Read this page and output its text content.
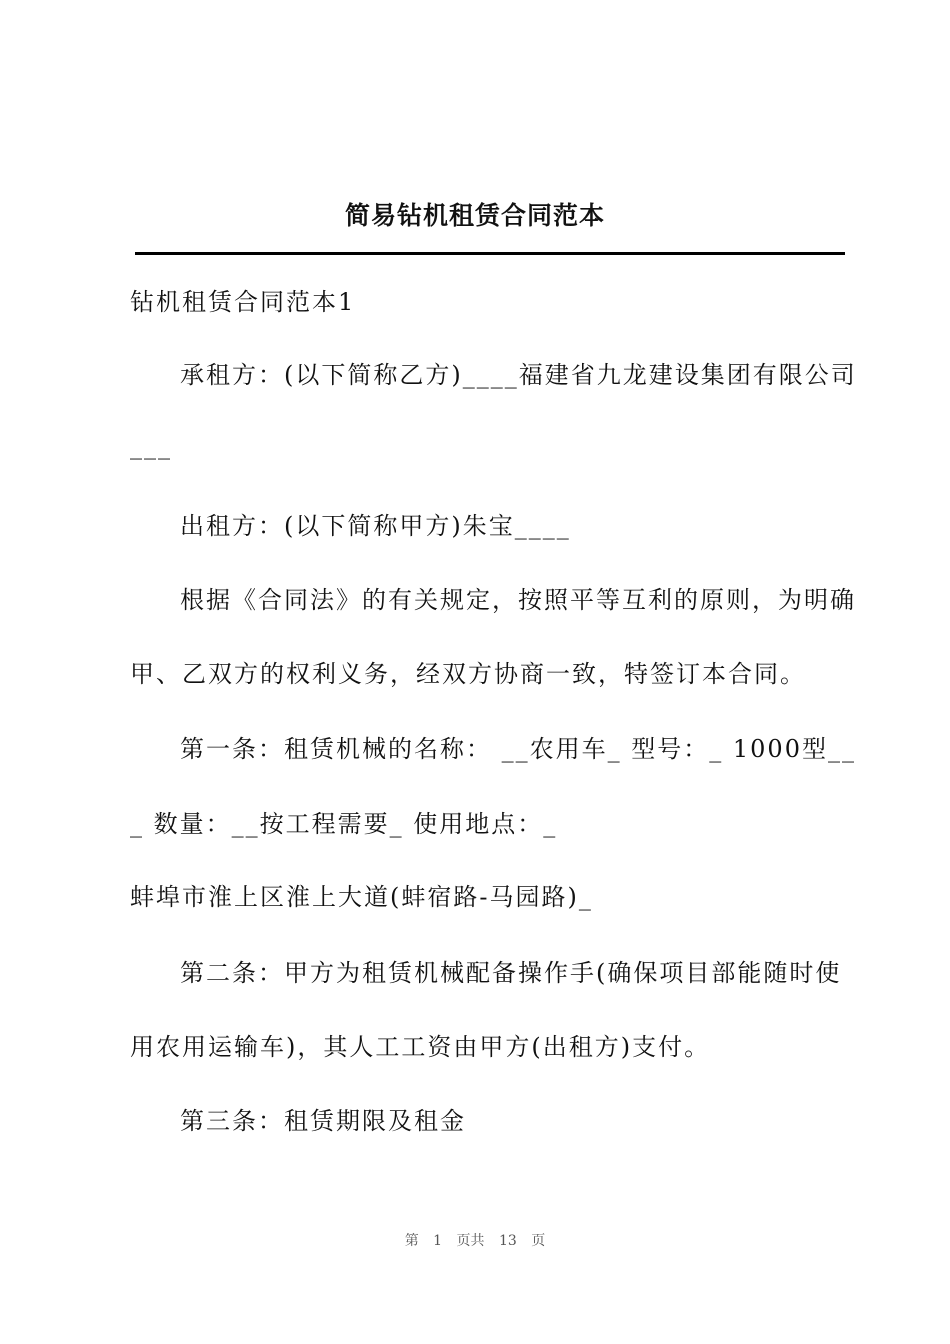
简易钻机租赁合同范本
钻机租赁合同范本1
承租方：(以下简称乙方)____福建省九龙建设集团有限公司
___
出租方：(以下简称甲方)朱宝____
根据《合同法》的有关规定，按照平等互利的原则，为明确
甲、乙双方的权利义务，经双方协商一致，特签订本合同。
第一条：租赁机械的名称： __农用车_ 型号：_ 1000型__
_ 数量：__按工程需要_ 使用地点：_
蚌埠市淮上区淮上大道(蚌宿路-马园路)_
第二条：甲方为租赁机械配备操作手(确保项目部能随时使
用农用运输车)，其人工工资由甲方(出租方)支付。
第三条：租赁期限及租金
第 1 页共 13 页
